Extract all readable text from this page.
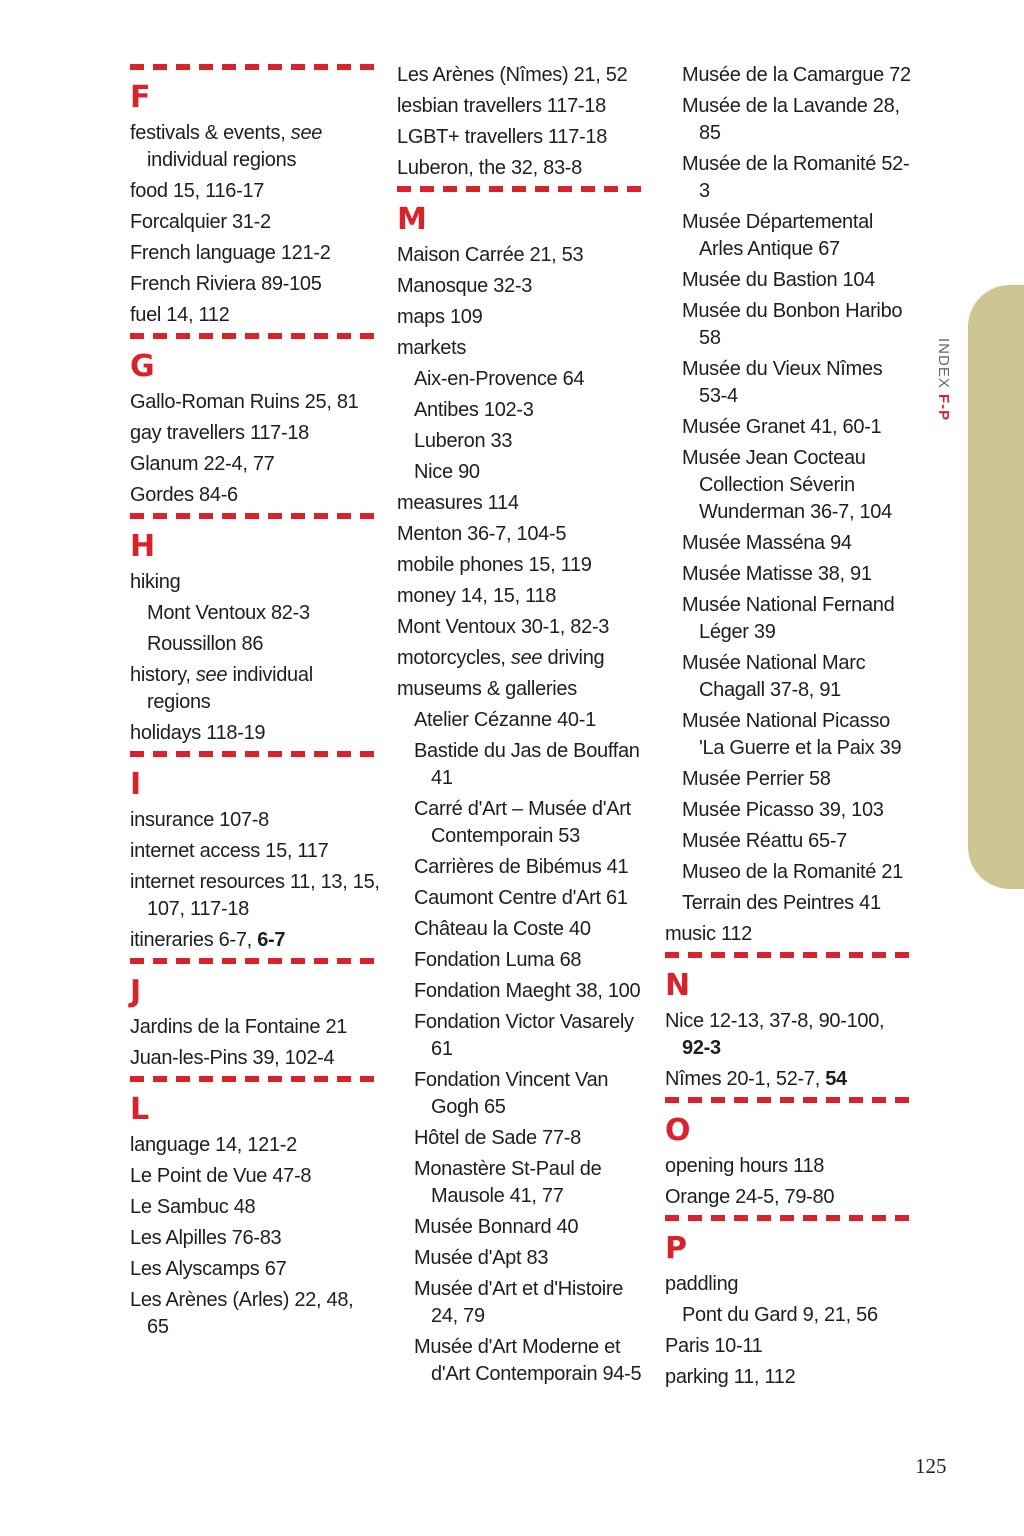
INDEX F-P
F
festivals & events, see individual regions
food 15, 116-17
Forcalquier 31-2
French language 121-2
French Riviera 89-105
fuel 14, 112
G
Gallo-Roman Ruins 25, 81
gay travellers 117-18
Glanum 22-4, 77
Gordes 84-6
H
hiking
Mont Ventoux 82-3
Roussillon 86
history, see individual regions
holidays 118-19
I
insurance 107-8
internet access 15, 117
internet resources 11, 13, 15, 107, 117-18
itineraries 6-7, 6-7
J
Jardins de la Fontaine 21
Juan-les-Pins 39, 102-4
L
language 14, 121-2
Le Point de Vue 47-8
Le Sambuc 48
Les Alpilles 76-83
Les Alyscamps 67
Les Arènes (Arles) 22, 48, 65
Les Arènes (Nîmes) 21, 52
lesbian travellers 117-18
LGBT+ travellers 117-18
Luberon, the 32, 83-8
M
Maison Carrée 21, 53
Manosque 32-3
maps 109
markets
Aix-en-Provence 64
Antibes 102-3
Luberon 33
Nice 90
measures 114
Menton 36-7, 104-5
mobile phones 15, 119
money 14, 15, 118
Mont Ventoux 30-1, 82-3
motorcycles, see driving
museums & galleries
Atelier Cézanne 40-1
Bastide du Jas de Bouffan 41
Carré d'Art – Musée d'Art Contemporain 53
Carrières de Bibémus 41
Caumont Centre d'Art 61
Château la Coste 40
Fondation Luma 68
Fondation Maeght 38, 100
Fondation Victor Vasarely 61
Fondation Vincent Van Gogh 65
Hôtel de Sade 77-8
Monastère St-Paul de Mausole 41, 77
Musée Bonnard 40
Musée d'Apt 83
Musée d'Art et d'Histoire 24, 79
Musée d'Art Moderne et d'Art Contemporain 94-5
Musée de la Camargue 72
Musée de la Lavande 28, 85
Musée de la Romanité 52-3
Musée Départemental Arles Antique 67
Musée du Bastion 104
Musée du Bonbon Haribo 58
Musée du Vieux Nîmes 53-4
Musée Granet 41, 60-1
Musée Jean Cocteau Collection Séverin Wunderman 36-7, 104
Musée Masséna 94
Musée Matisse 38, 91
Musée National Fernand Léger 39
Musée National Marc Chagall 37-8, 91
Musée National Picasso 'La Guerre et la Paix 39
Musée Perrier 58
Musée Picasso 39, 103
Musée Réattu 65-7
Museo de la Romanité 21
Terrain des Peintres 41
music 112
N
Nice 12-13, 37-8, 90-100, 92-3
Nîmes 20-1, 52-7, 54
O
opening hours 118
Orange 24-5, 79-80
P
paddling
Pont du Gard 9, 21, 56
Paris 10-11
parking 11, 112
125
